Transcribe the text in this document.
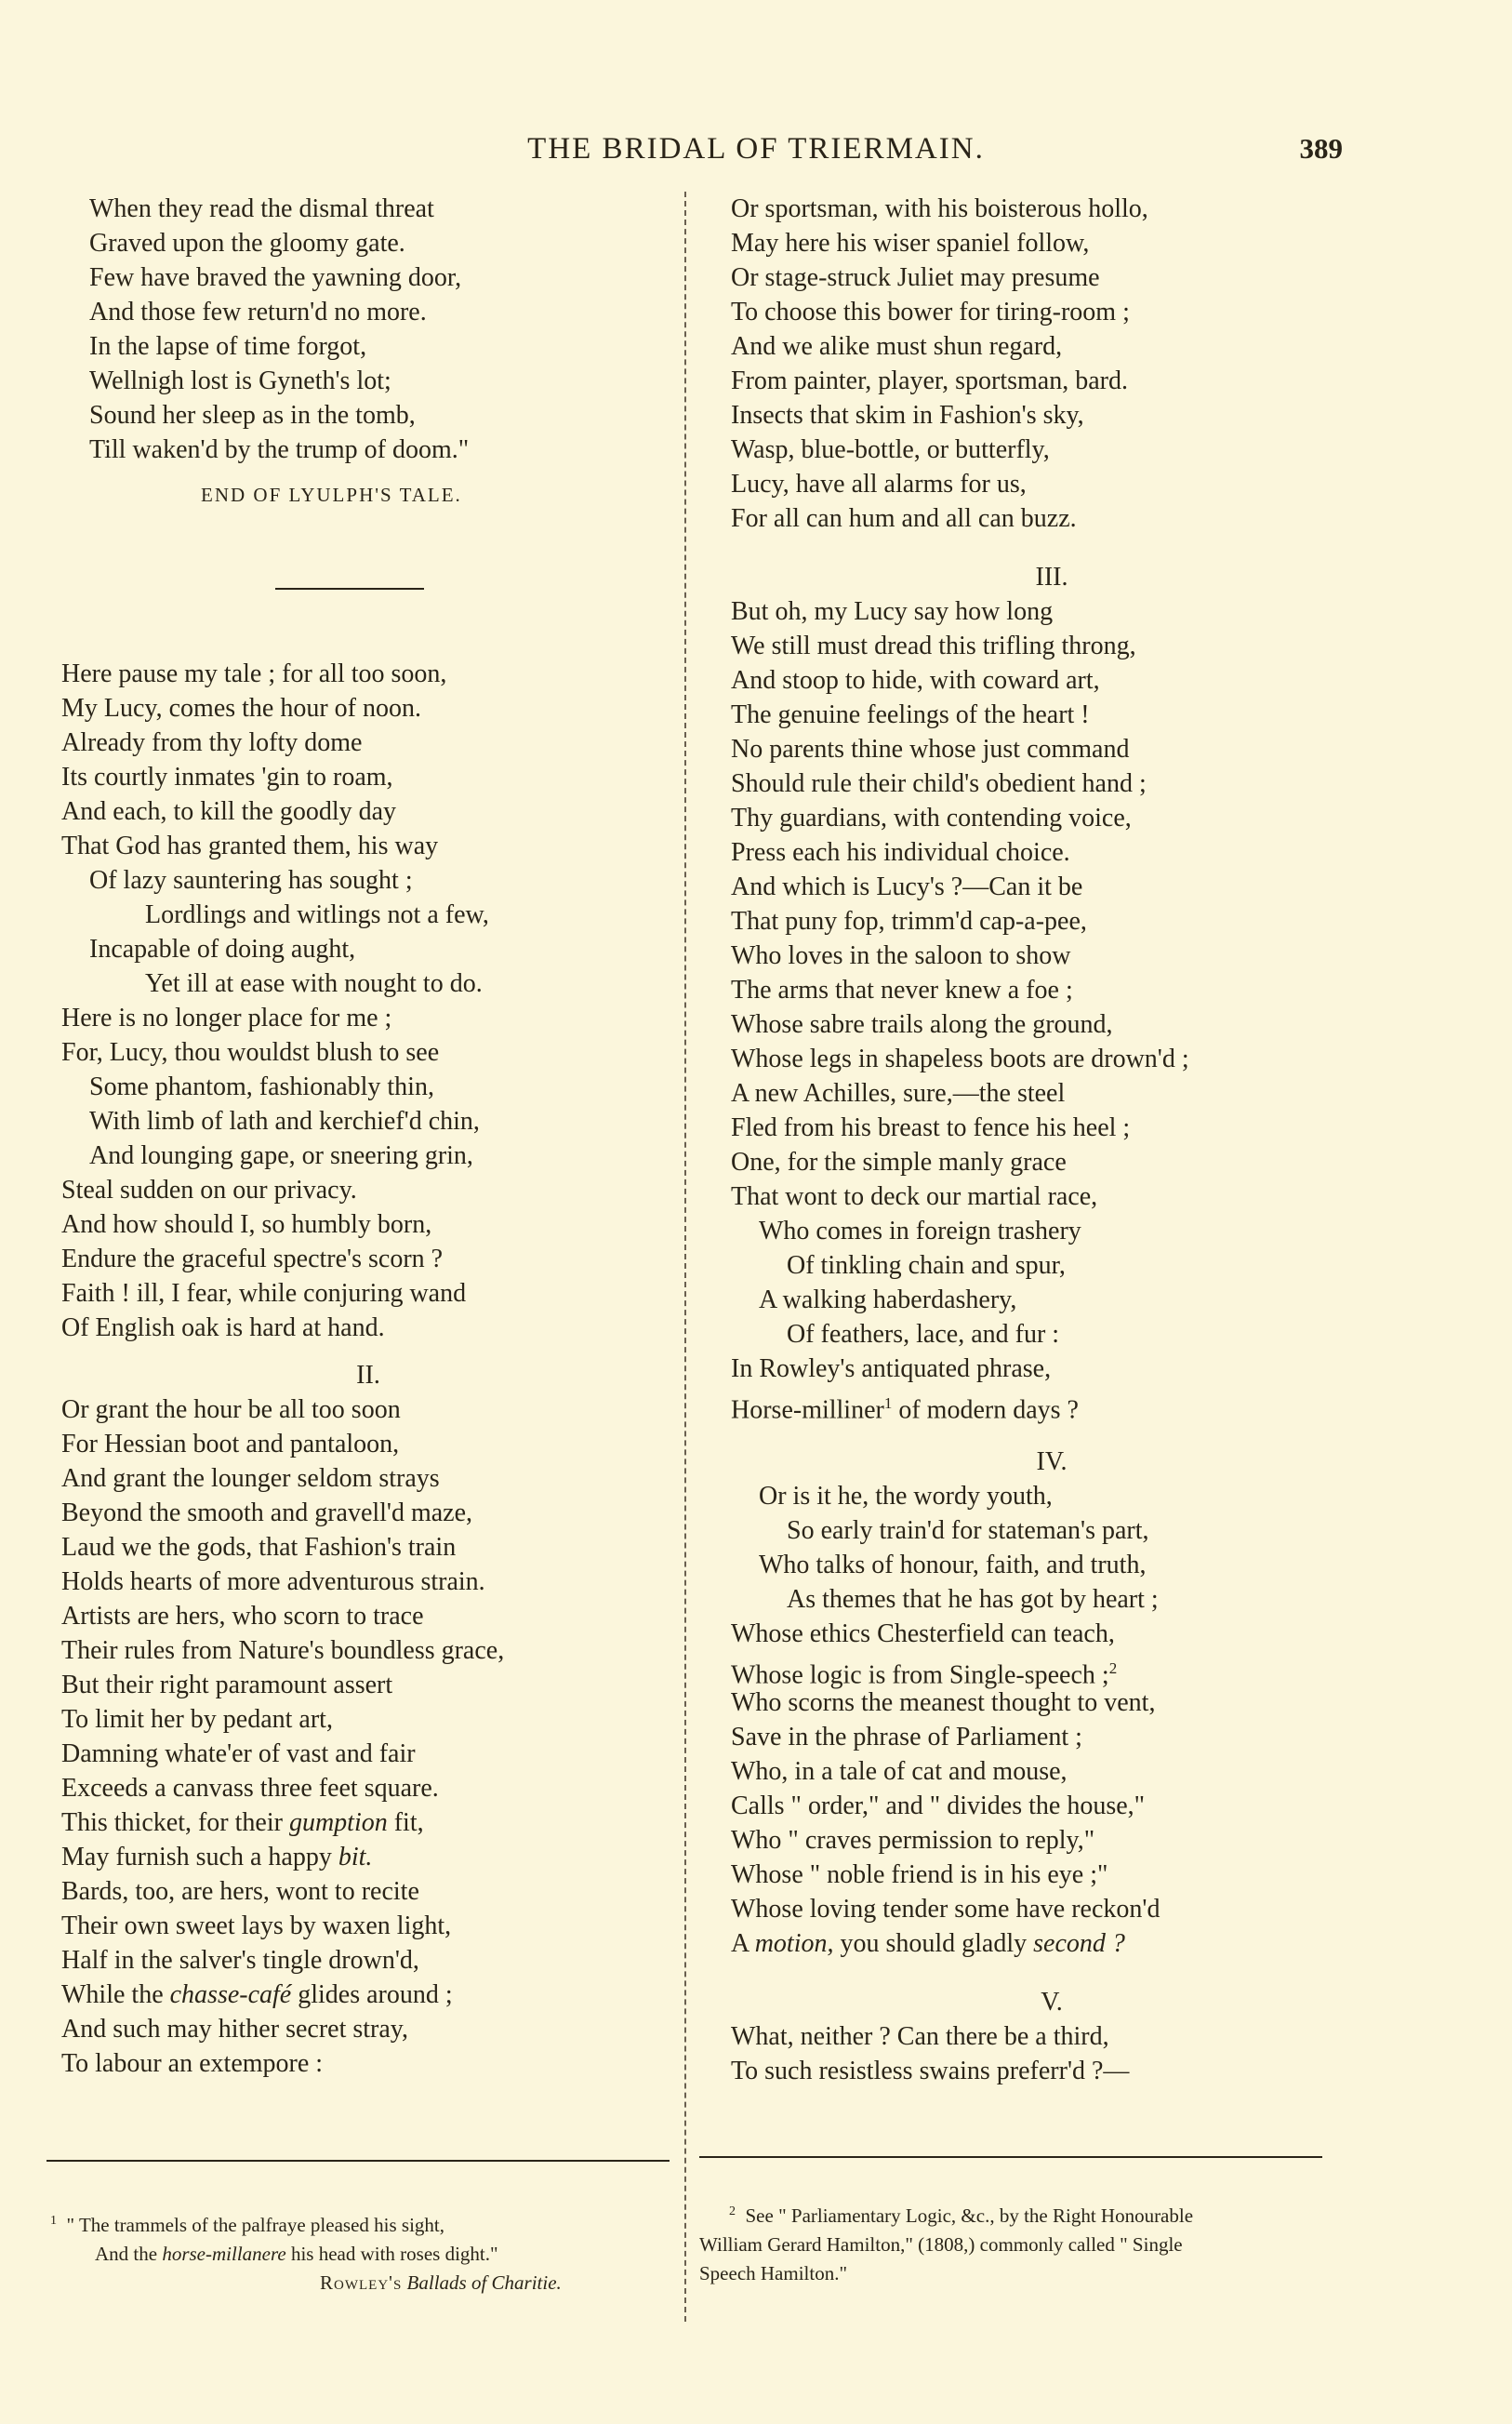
THE BRIDAL OF TRIERMAIN.	389
When they read the dismal threat
Graved upon the gloomy gate.
Few have braved the yawning door,
And those few return'd no more.
In the lapse of time forgot,
Wellnigh lost is Gyneth's lot;
Sound her sleep as in the tomb,
Till waken'd by the trump of doom."
END OF LYULPH'S TALE.
Here pause my tale ; for all too soon,
My Lucy, comes the hour of noon.
Already from thy lofty dome
Its courtly inmates 'gin to roam,
And each, to kill the goodly day
That God has granted them, his way
Of lazy sauntering has sought ;
Lordlings and witlings not a few,
Incapable of doing aught,
Yet ill at ease with nought to do.
Here is no longer place for me ;
For, Lucy, thou wouldst blush to see
Some phantom, fashionably thin,
With limb of lath and kerchief'd chin,
And lounging gape, or sneering grin,
Steal sudden on our privacy.
And how should I, so humbly born,
Endure the graceful spectre's scorn ?
Faith ! ill, I fear, while conjuring wand
Of English oak is hard at hand.
II.
Or grant the hour be all too soon
For Hessian boot and pantaloon,
And grant the lounger seldom strays
Beyond the smooth and gravell'd maze,
Laud we the gods, that Fashion's train
Holds hearts of more adventurous strain.
Artists are hers, who scorn to trace
Their rules from Nature's boundless grace,
But their right paramount assert
To limit her by pedant art,
Damning whate'er of vast and fair
Exceeds a canvass three feet square.
This thicket, for their gumption fit,
May furnish such a happy bit.
Bards, too, are hers, wont to recite
Their own sweet lays by waxen light,
Half in the salver's tingle drown'd,
While the chasse-café glides around ;
And such may hither secret stray,
To labour an extempore :
Or sportsman, with his boisterous hollo,
May here his wiser spaniel follow,
Or stage-struck Juliet may presume
To choose this bower for tiring-room ;
And we alike must shun regard,
From painter, player, sportsman, bard.
Insects that skim in Fashion's sky,
Wasp, blue-bottle, or butterfly,
Lucy, have all alarms for us,
For all can hum and all can buzz.
III.
But oh, my Lucy say how long
We still must dread this trifling throng,
And stoop to hide, with coward art,
The genuine feelings of the heart !
No parents thine whose just command
Should rule their child's obedient hand ;
Thy guardians, with contending voice,
Press each his individual choice.
And which is Lucy's ?—Can it be
That puny fop, trimm'd cap-a-pee,
Who loves in the saloon to show
The arms that never knew a foe ;
Whose sabre trails along the ground,
Whose legs in shapeless boots are drown'd ;
A new Achilles, sure,—the steel
Fled from his breast to fence his heel ;
One, for the simple manly grace
That wont to deck our martial race,
Who comes in foreign trashery
Of tinkling chain and spur,
A walking haberdashery,
Of feathers, lace, and fur :
In Rowley's antiquated phrase,
Horse-milliner$^1$ of modern days ?
IV.
Or is it he, the wordy youth,
So early train'd for stateman's part,
Who talks of honour, faith, and truth,
As themes that he has got by heart ;
Whose ethics Chesterfield can teach,
Whose logic is from Single-speech ;$^2$
Who scorns the meanest thought to vent,
Save in the phrase of Parliament ;
Who, in a tale of cat and mouse,
Calls " order," and " divides the house,"
Who " craves permission to reply,"
Whose " noble friend is in his eye ;"
Whose loving tender some have reckon'd
A motion, you should gladly second ?
V.
What, neither ? Can there be a third,
To such resistless swains preferr'd ?—
$^1$ " The trammels of the palfraye pleased his sight,
And the horse-millanere his head with roses dight."
Rowley's Ballads of Charitie.
$^2$ See " Parliamentary Logic, &c., by the Right Honourable
William Gerard Hamilton," (1808,) commonly called " Single
Speech Hamilton."
